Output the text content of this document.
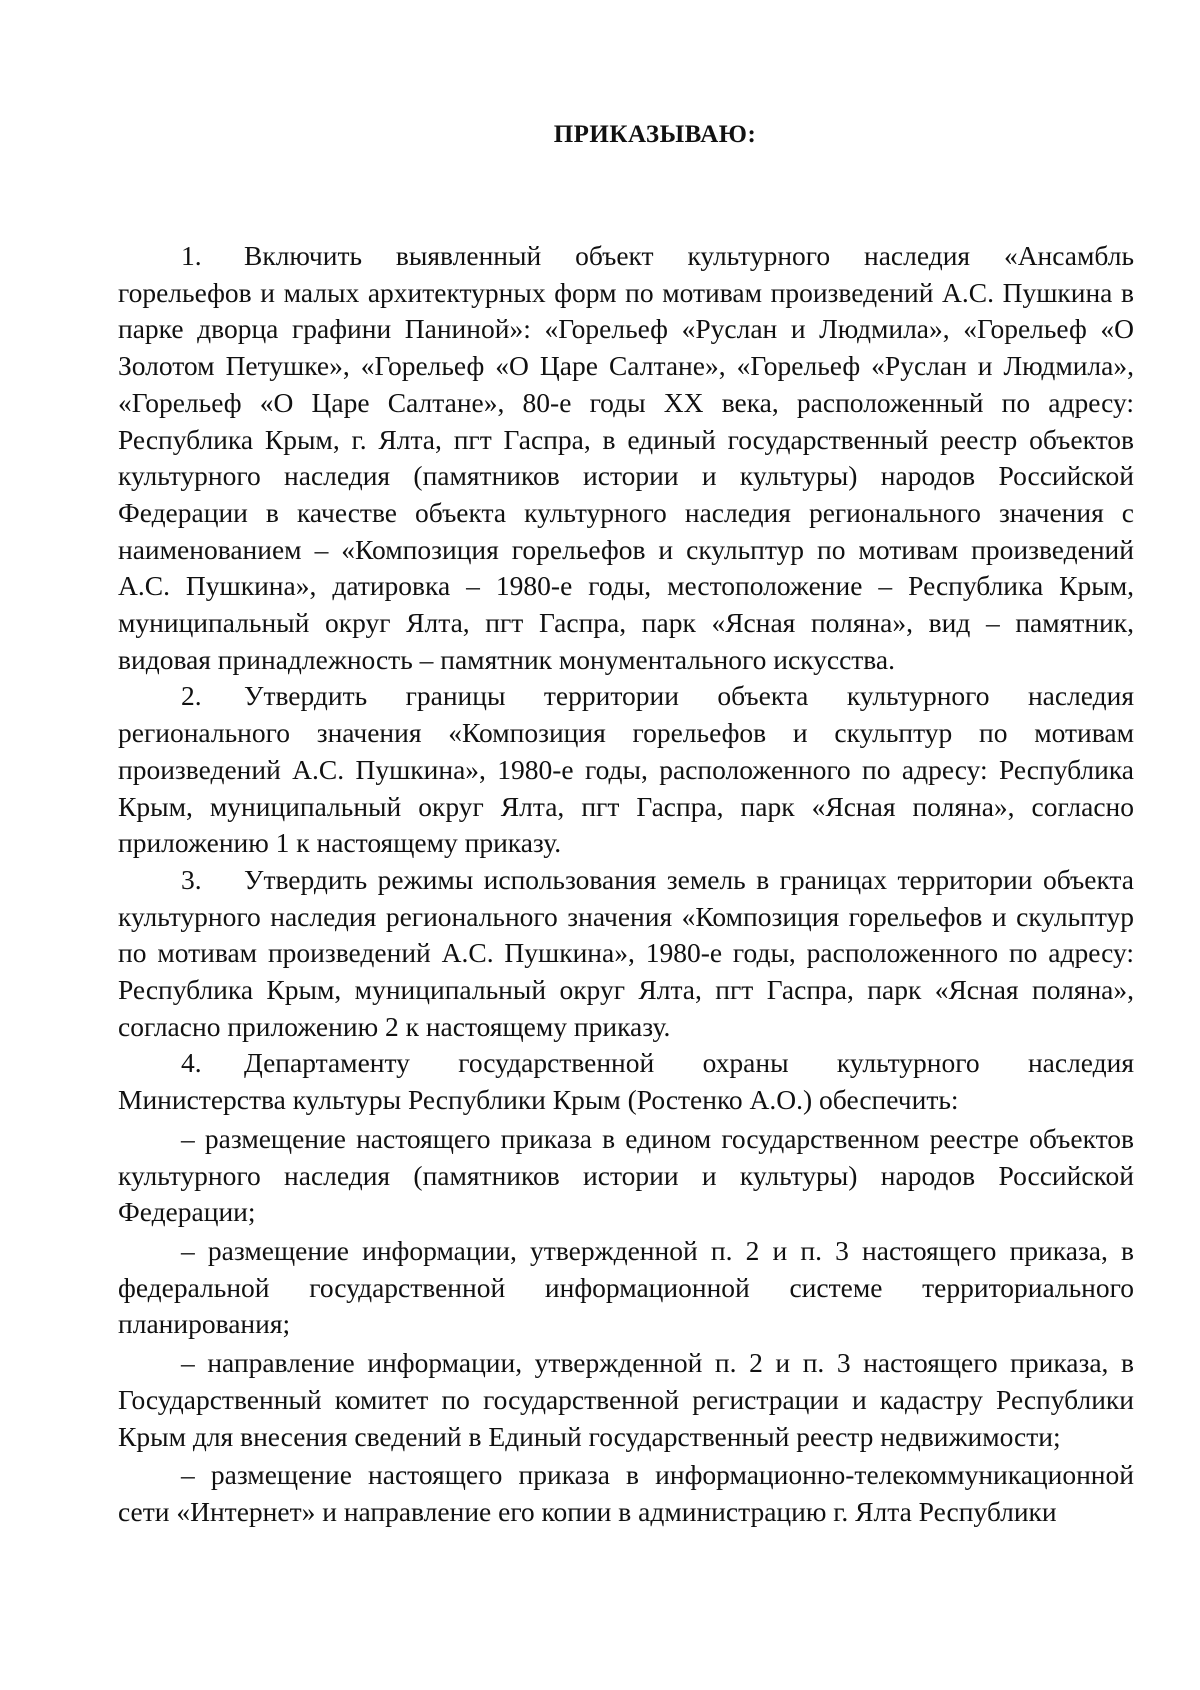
ПРИКАЗЫВАЮ:

1. Включить выявленный объект культурного наследия «Ансамбль горельефов и малых архитектурных форм по мотивам произведений А.С. Пушкина в парке дворца графини Паниной»: «Горельеф «Руслан и Людмила», «Горельеф «О Золотом Петушке», «Горельеф «О Царе Салтане», «Горельеф «Руслан и Людмила», «Горельеф «О Царе Салтане», 80-е годы XX века, расположенный по адресу: Республика Крым, г. Ялта, пгт Гаспра, в единый государственный реестр объектов культурного наследия (памятников истории и культуры) народов Российской Федерации в качестве объекта культурного наследия регионального значения с наименованием – «Композиция горельефов и скульптур по мотивам произведений А.С. Пушкина», датировка – 1980-е годы, местоположение – Республика Крым, муниципальный округ Ялта, пгт Гаспра, парк «Ясная поляна», вид – памятник, видовая принадлежность – памятник монументального искусства.

2. Утвердить границы территории объекта культурного наследия регионального значения «Композиция горельефов и скульптур по мотивам произведений А.С. Пушкина», 1980-е годы, расположенного по адресу: Республика Крым, муниципальный округ Ялта, пгт Гаспра, парк «Ясная поляна», согласно приложению 1 к настоящему приказу.

3. Утвердить режимы использования земель в границах территории объекта культурного наследия регионального значения «Композиция горельефов и скульптур по мотивам произведений А.С. Пушкина», 1980-е годы, расположенного по адресу: Республика Крым, муниципальный округ Ялта, пгт Гаспра, парк «Ясная поляна», согласно приложению 2 к настоящему приказу.

4. Департаменту государственной охраны культурного наследия Министерства культуры Республики Крым (Ростенко А.О.) обеспечить:

– размещение настоящего приказа в едином государственном реестре объектов культурного наследия (памятников истории и культуры) народов Российской Федерации;

– размещение информации, утвержденной п. 2 и п. 3 настоящего приказа, в федеральной государственной информационной системе территориального планирования;

– направление информации, утвержденной п. 2 и п. 3 настоящего приказа, в Государственный комитет по государственной регистрации и кадастру Республики Крым для внесения сведений в Единый государственный реестр недвижимости;

– размещение настоящего приказа в информационно-телекоммуникационной сети «Интернет» и направление его копии в администрацию г. Ялта Республики
